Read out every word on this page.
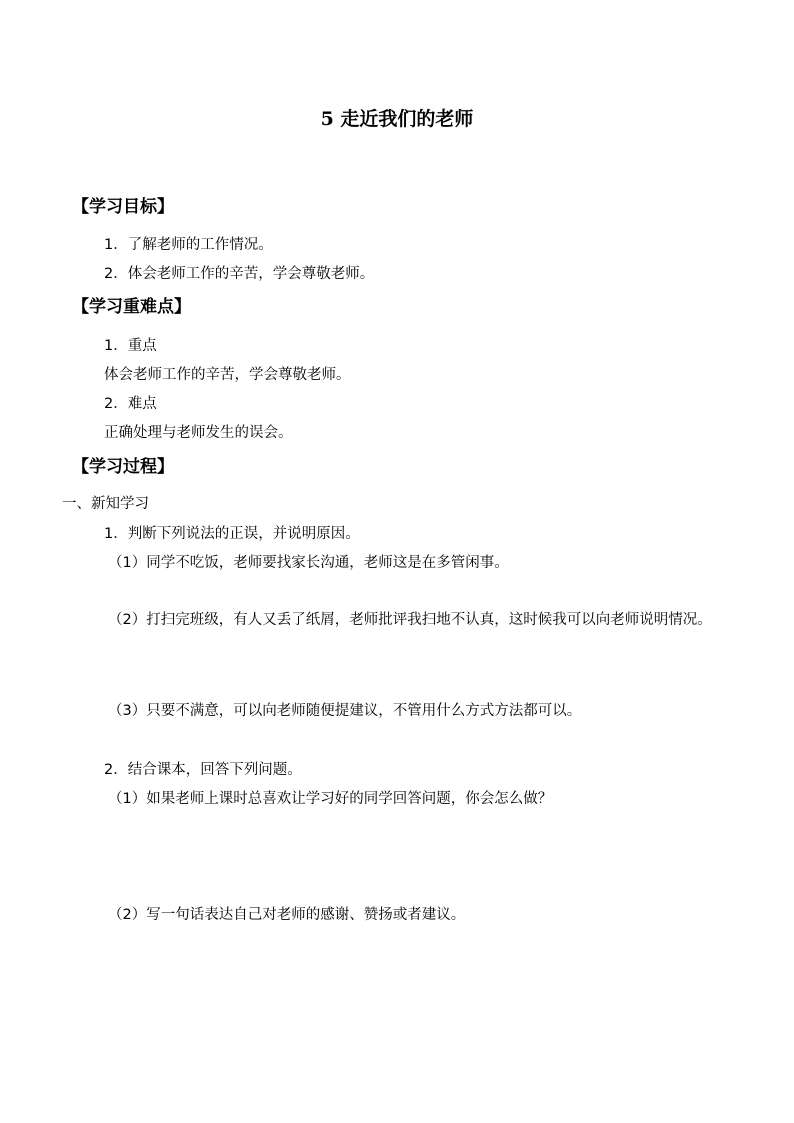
5 走近我们的老师
【学习目标】
1．了解老师的工作情况。
2．体会老师工作的辛苦，学会尊敬老师。
【学习重难点】
1．重点
体会老师工作的辛苦，学会尊敬老师。
2．难点
正确处理与老师发生的误会。
【学习过程】
一、新知学习
1．判断下列说法的正误，并说明原因。
（1）同学不吃饭，老师要找家长沟通，老师这是在多管闲事。
（2）打扫完班级，有人又丢了纸屑，老师批评我扫地不认真，这时候我可以向老师说明情况。
（3）只要不满意，可以向老师随便提建议，不管用什么方式方法都可以。
2．结合课本，回答下列问题。
（1）如果老师上课时总喜欢让学习好的同学回答问题，你会怎么做？
（2）写一句话表达自己对老师的感谢、赞扬或者建议。
